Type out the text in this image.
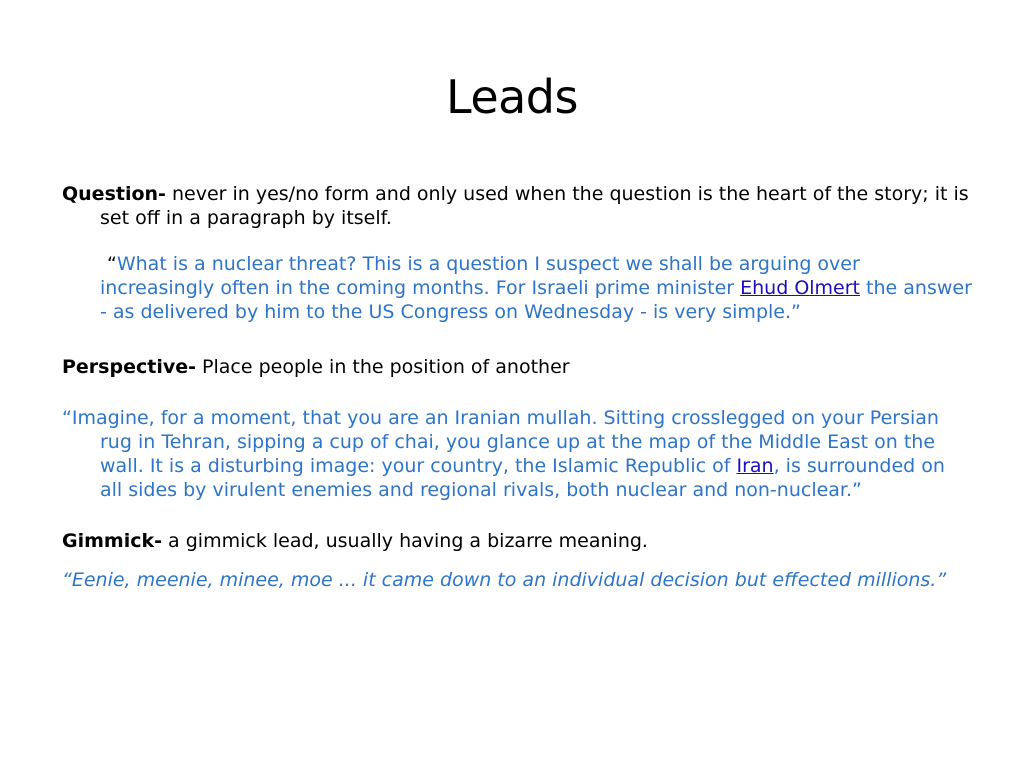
Leads

Question- never in yes/no form and only used when the question is the heart of the story; it is set off in a paragraph by itself.

“What is a nuclear threat? This is a question I suspect we shall be arguing over increasingly often in the coming months. For Israeli prime minister Ehud Olmert the answer - as delivered by him to the US Congress on Wednesday - is very simple.”

Perspective- Place people in the position of another

“Imagine, for a moment, that you are an Iranian mullah. Sitting crosslegged on your Persian rug in Tehran, sipping a cup of chai, you glance up at the map of the Middle East on the wall. It is a disturbing image: your country, the Islamic Republic of Iran, is surrounded on all sides by virulent enemies and regional rivals, both nuclear and non-nuclear.”

Gimmick- a gimmick lead, usually having a bizarre meaning.

“Eenie, meenie, minee, moe ... it came down to an individual decision but effected millions.”
